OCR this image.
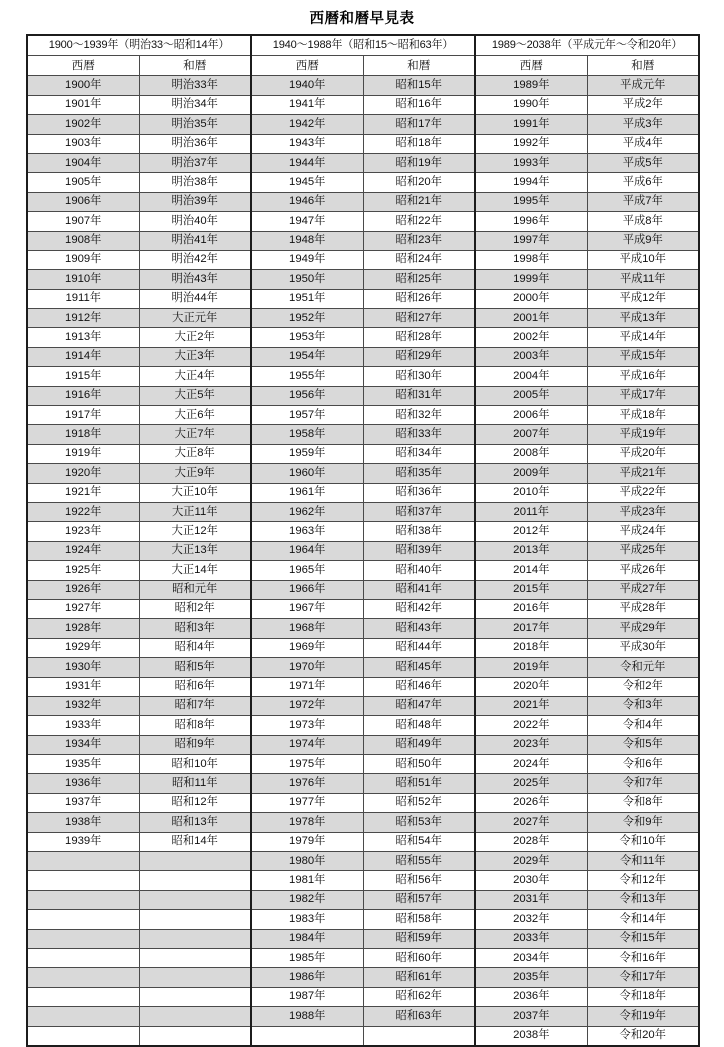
西暦和暦早見表
1900〜1939年（明治33〜昭和14年）		1940〜1988年（昭和15〜昭和63年）		1989〜2038年（平成元年〜令和20年）	
西暦	和暦	西暦	和暦	西暦	和暦
1900年	明治33年	1940年	昭和15年	1989年	平成元年
1901年	明治34年	1941年	昭和16年	1990年	平成2年
1902年	明治35年	1942年	昭和17年	1991年	平成3年
1903年	明治36年	1943年	昭和18年	1992年	平成4年
1904年	明治37年	1944年	昭和19年	1993年	平成5年
1905年	明治38年	1945年	昭和20年	1994年	平成6年
1906年	明治39年	1946年	昭和21年	1995年	平成7年
1907年	明治40年	1947年	昭和22年	1996年	平成8年
1908年	明治41年	1948年	昭和23年	1997年	平成9年
1909年	明治42年	1949年	昭和24年	1998年	平成10年
1910年	明治43年	1950年	昭和25年	1999年	平成11年
1911年	明治44年	1951年	昭和26年	2000年	平成12年
1912年	大正元年	1952年	昭和27年	2001年	平成13年
1913年	大正2年	1953年	昭和28年	2002年	平成14年
1914年	大正3年	1954年	昭和29年	2003年	平成15年
1915年	大正4年	1955年	昭和30年	2004年	平成16年
1916年	大正5年	1956年	昭和31年	2005年	平成17年
1917年	大正6年	1957年	昭和32年	2006年	平成18年
1918年	大正7年	1958年	昭和33年	2007年	平成19年
1919年	大正8年	1959年	昭和34年	2008年	平成20年
1920年	大正9年	1960年	昭和35年	2009年	平成21年
1921年	大正10年	1961年	昭和36年	2010年	平成22年
1922年	大正11年	1962年	昭和37年	2011年	平成23年
1923年	大正12年	1963年	昭和38年	2012年	平成24年
1924年	大正13年	1964年	昭和39年	2013年	平成25年
1925年	大正14年	1965年	昭和40年	2014年	平成26年
1926年	昭和元年	1966年	昭和41年	2015年	平成27年
1927年	昭和2年	1967年	昭和42年	2016年	平成28年
1928年	昭和3年	1968年	昭和43年	2017年	平成29年
1929年	昭和4年	1969年	昭和44年	2018年	平成30年
1930年	昭和5年	1970年	昭和45年	2019年	令和元年
1931年	昭和6年	1971年	昭和46年	2020年	令和2年
1932年	昭和7年	1972年	昭和47年	2021年	令和3年
1933年	昭和8年	1973年	昭和48年	2022年	令和4年
1934年	昭和9年	1974年	昭和49年	2023年	令和5年
1935年	昭和10年	1975年	昭和50年	2024年	令和6年
1936年	昭和11年	1976年	昭和51年	2025年	令和7年
1937年	昭和12年	1977年	昭和52年	2026年	令和8年
1938年	昭和13年	1978年	昭和53年	2027年	令和9年
1939年	昭和14年	1979年	昭和54年	2028年	令和10年
		1980年	昭和55年	2029年	令和11年
		1981年	昭和56年	2030年	令和12年
		1982年	昭和57年	2031年	令和13年
		1983年	昭和58年	2032年	令和14年
		1984年	昭和59年	2033年	令和15年
		1985年	昭和60年	2034年	令和16年
		1986年	昭和61年	2035年	令和17年
		1987年	昭和62年	2036年	令和18年
		1988年	昭和63年	2037年	令和19年
				2038年	令和20年
